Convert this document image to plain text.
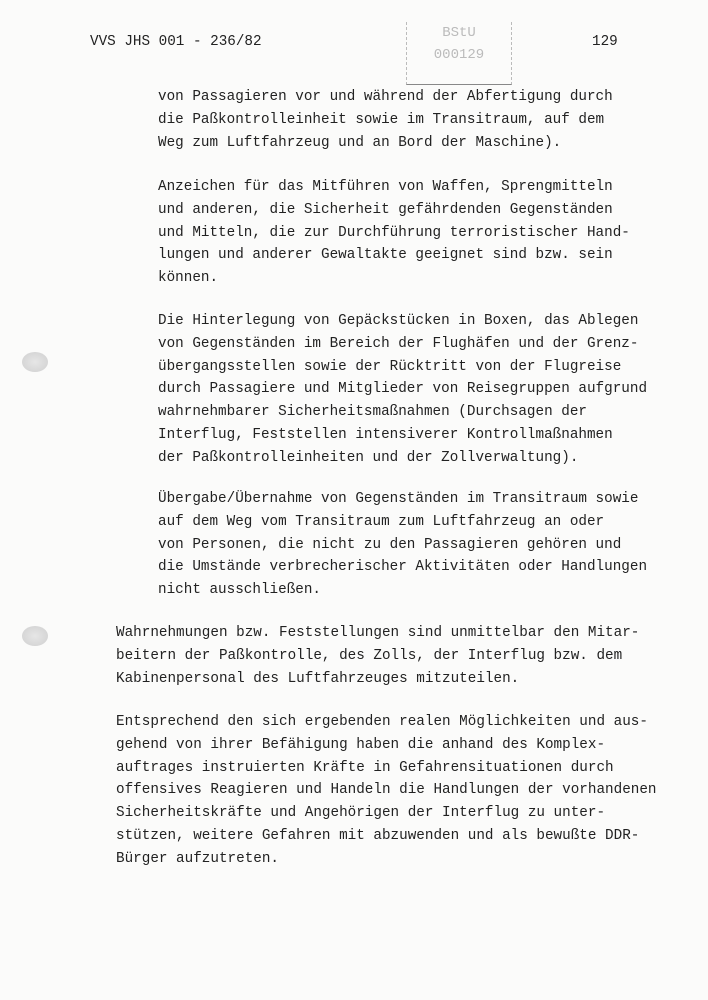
VVS JHS 001 - 236/82	129
BStU
000129
von Passagieren vor und während der Abfertigung durch
die Paßkontrolleinheit sowie im Transitraum, auf dem
Weg zum Luftfahrzeug und an Bord der Maschine).
Anzeichen für das Mitführen von Waffen, Sprengmitteln
und anderen, die Sicherheit gefährdenden Gegenständen
und Mitteln, die zur Durchführung terroristischer Hand-
lungen und anderer Gewaltakte geeignet sind bzw. sein
können.
Die Hinterlegung von Gepäckstücken in Boxen, das Ablegen
von Gegenständen im Bereich der Flughäfen und der Grenz-
übergangsstellen sowie der Rücktritt von der Flugreise
durch Passagiere und Mitglieder von Reisegruppen aufgrund
wahrnehmbarer Sicherheitsmaßnahmen (Durchsagen der
Interflug, Feststellen intensiverer Kontrollmaßnahmen
der Paßkontrolleinheiten und der Zollverwaltung).
Übergabe/Übernahme von Gegenständen im Transitraum sowie
auf dem Weg vom Transitraum zum Luftfahrzeug an oder
von Personen, die nicht zu den Passagieren gehören und
die Umstände verbrecherischer Aktivitäten oder Handlungen
nicht ausschließen.
Wahrnehmungen bzw. Feststellungen sind unmittelbar den Mitar-
beitern der Paßkontrolle, des Zolls, der Interflug bzw. dem
Kabinenpersonal des Luftfahrzeuges mitzuteilen.
Entsprechend den sich ergebenden realen Möglichkeiten und aus-
gehend von ihrer Befähigung haben die anhand des Komplex-
auftrages instruierten Kräfte in Gefahrensituationen durch
offensives Reagieren und Handeln die Handlungen der vorhandenen
Sicherheitskräfte und Angehörigen der Interflug zu unter-
stützen, weitere Gefahren mit abzuwenden und als bewußte DDR-
Bürger aufzutreten.
